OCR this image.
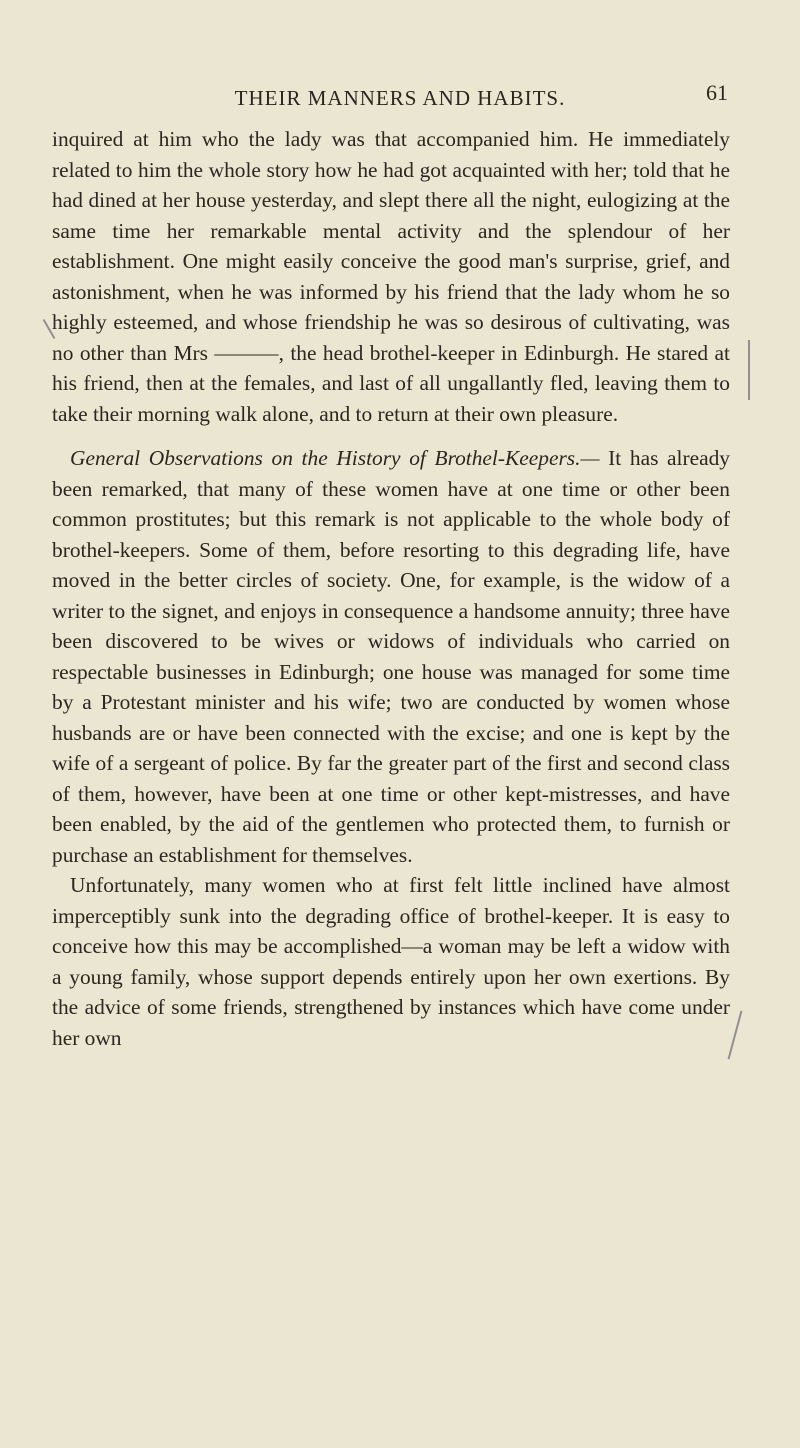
THEIR MANNERS AND HABITS.	61

inquired at him who the lady was that accompanied him. He immediately related to him the whole story how he had got acquainted with her; told that he had dined at her house yesterday, and slept there all the night, eulogizing at the same time her remarkable mental activity and the splendour of her establishment. One might easily conceive the good man's surprise, grief, and astonishment, when he was informed by his friend that the lady whom he so highly esteemed, and whose friendship he was so desirous of cultivating, was no other than Mrs ———, the head brothel-keeper in Edinburgh. He stared at his friend, then at the females, and last of all ungallantly fled, leaving them to take their morning walk alone, and to return at their own pleasure.

General Observations on the History of Brothel-Keepers.— It has already been remarked, that many of these women have at one time or other been common prostitutes; but this remark is not applicable to the whole body of brothel-keepers. Some of them, before resorting to this degrading life, have moved in the better circles of society. One, for example, is the widow of a writer to the signet, and enjoys in consequence a handsome annuity; three have been discovered to be wives or widows of individuals who carried on respectable businesses in Edinburgh; one house was managed for some time by a Protestant minister and his wife; two are conducted by women whose husbands are or have been connected with the excise; and one is kept by the wife of a sergeant of police. By far the greater part of the first and second class of them, however, have been at one time or other kept-mistresses, and have been enabled, by the aid of the gentlemen who protected them, to furnish or purchase an establishment for themselves.

Unfortunately, many women who at first felt little inclined have almost imperceptibly sunk into the degrading office of brothel-keeper. It is easy to conceive how this may be accomplished—a woman may be left a widow with a young family, whose support depends entirely upon her own exertions. By the advice of some friends, strengthened by instances which have come under her own
